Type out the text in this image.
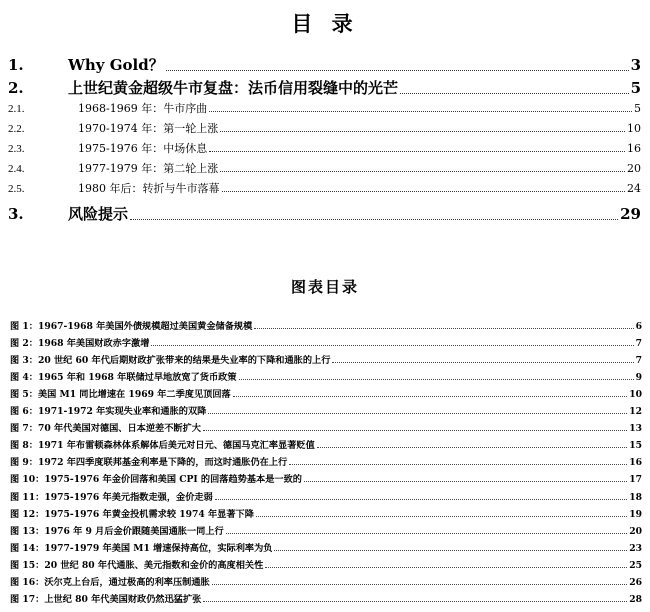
目 录
1.	Why Gold？	3
2.	上世纪黄金超级牛市复盘：法币信用裂缝中的光芒	5
2.1.	1968-1969 年：牛市序曲	5
2.2.	1970-1974 年：第一轮上涨	10
2.3.	1975-1976 年：中场休息	16
2.4.	1977-1979 年：第二轮上涨	20
2.5.	1980 年后：转折与牛市落幕	24
3.	风险提示	29
图表目录
图 1：1967-1968 年美国外债规模超过美国黄金储备规模	6
图 2：1968 年美国财政赤字激增	7
图 3：20 世纪 60 年代后期财政扩张带来的结果是失业率的下降和通胀的上行	7
图 4：1965 年和 1968 年联储过早地放宽了货币政策	9
图 5：美国 M1 同比增速在 1969 年二季度见顶回落	10
图 6：1971-1972 年实现失业率和通胀的双降	12
图 7：70 年代美国对德国、日本逆差不断扩大	13
图 8：1971 年布雷顿森林体系解体后美元对日元、德国马克汇率显著贬值	15
图 9：1972 年四季度联邦基金利率是下降的，而这时通胀仍在上行	16
图 10：1975-1976 年金价回落和美国 CPI 的回落趋势基本是一致的	17
图 11：1975-1976 年美元指数走强，金价走弱	18
图 12：1975-1976 年黄金投机需求较 1974 年显著下降	19
图 13：1976 年 9 月后金价跟随美国通胀一同上行	20
图 14：1977-1979 年美国 M1 增速保持高位，实际利率为负	23
图 15：20 世纪 80 年代通胀、美元指数和金价的高度相关性	25
图 16：沃尔克上台后，通过极高的利率压制通胀	26
图 17：上世纪 80 年代美国财政仍然迅猛扩张	28
